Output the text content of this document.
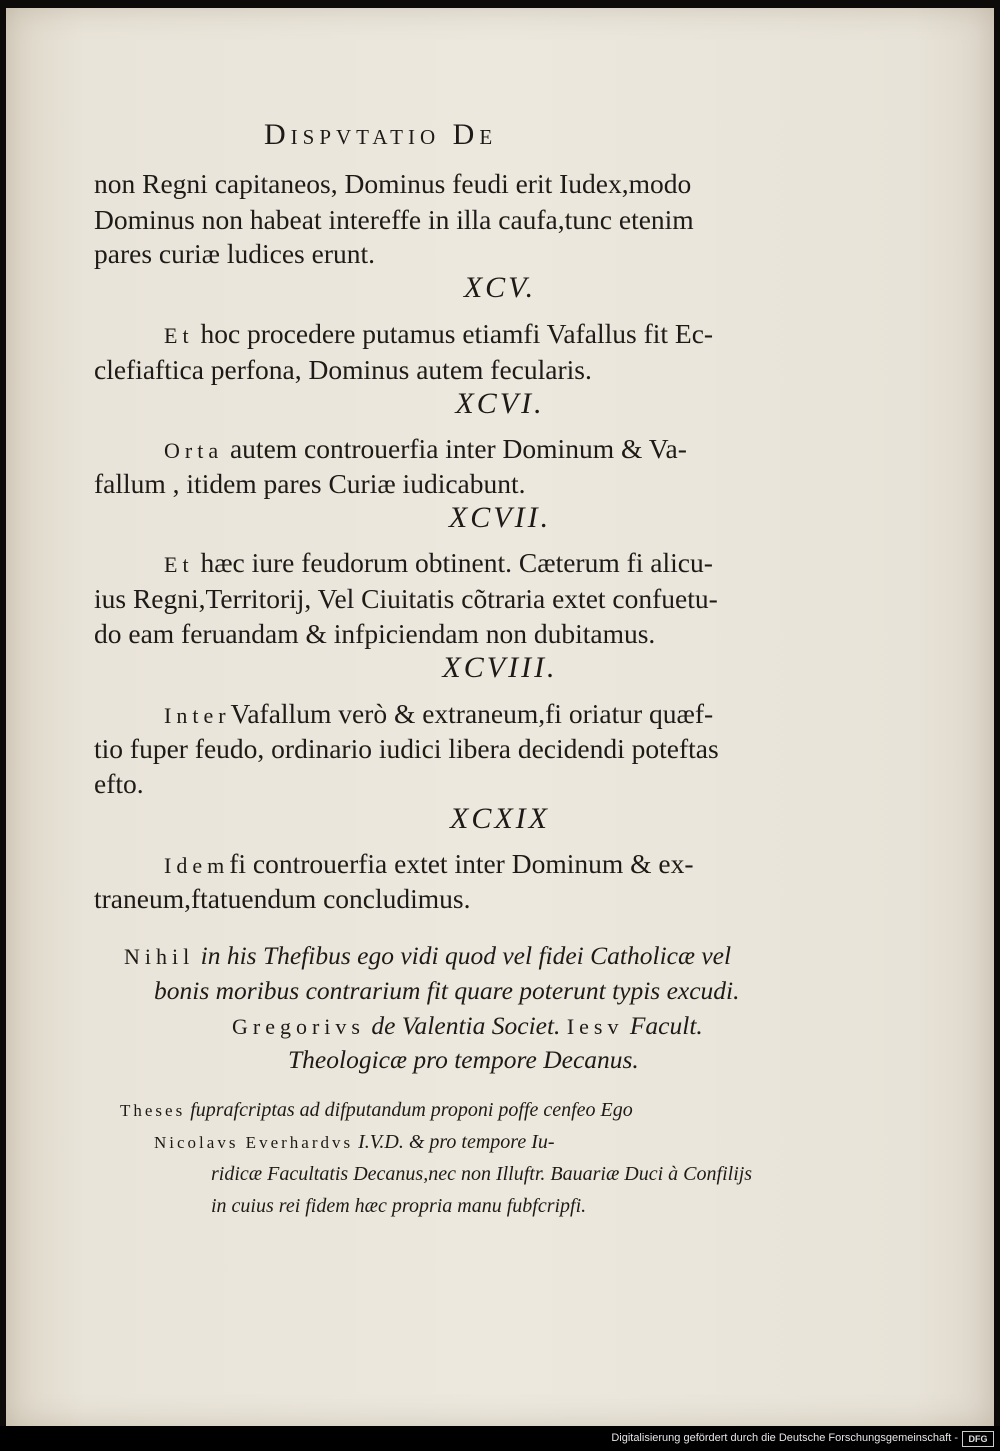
Dispvtatio De
non Regni capitaneos, Dominus feudi erit Iudex,modo
Dominus non habeat intereffe in illa caufa,tunc etenim
pares curiæ ludices erunt.
XCV.
Et hoc procedere putamus etiamfi Vafallus fit Ec-
clefiaftica perfona, Dominus autem fecularis.
XCVI.
Orta autem controuerfia inter Dominum & Va-
fallum , itidem pares Curiæ iudicabunt.
XCVII.
Et hæc iure feudorum obtinent. Cæterum fi alicu-
ius Regni,Territorij, Vel Ciuitatis cõtraria extet confuetu-
do eam feruandam & infpiciendam non dubitamus.
XCVIII.
InterVafallum verò & extraneum,fi oriatur quæf-
tio fuper feudo, ordinario iudici libera decidendi poteftas
efto.
XCXIX
Idemfi controuerfia extet inter Dominum & ex-
traneum,ftatuendum concludimus.
Nihil in his Thefibus ego vidi quod vel fidei Catholicæ vel
bonis moribus contrarium fit quare poterunt typis excudi.
Gregorivs de Valentia Societ. Iesv Facult.
Theologicæ pro tempore Decanus.
Theses fuprafcriptas ad difputandum proponi poffe cenfeo Ego
Nicolavs Everhardvs I.V.D. & pro tempore Iu-
ridicæ Facultatis Decanus,nec non Illuftr. Bauariæ Duci à Confilijs
in cuius rei fidem hæc propria manu fubfcripfi.
Digitalisierung gefördert durch die Deutsche Forschungsgemeinschaft -	DFG
